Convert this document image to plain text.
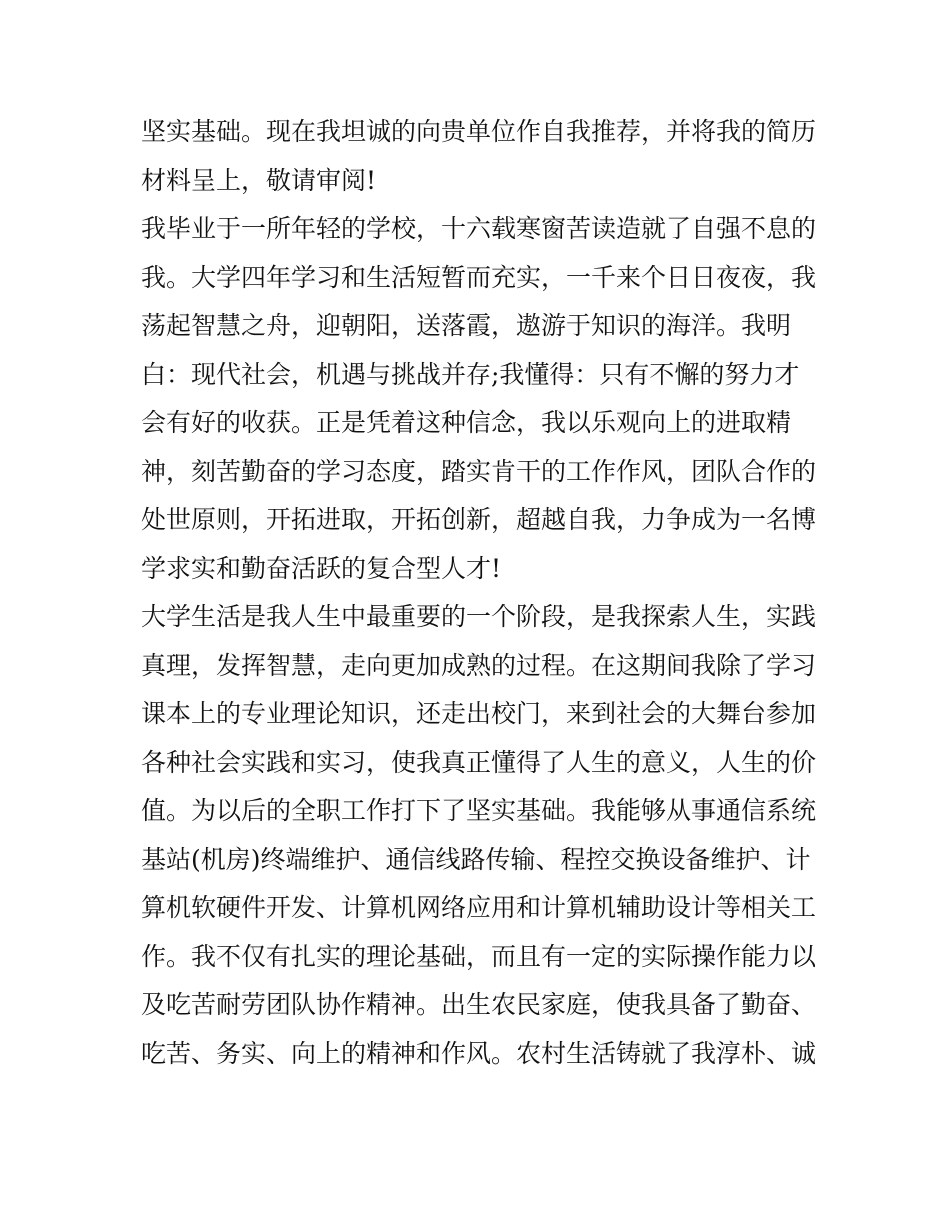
坚实基础。现在我坦诚的向贵单位作自我推荐，并将我的简历
材料呈上，敬请审阅!
我毕业于一所年轻的学校，十六载寒窗苦读造就了自强不息的
我。大学四年学习和生活短暂而充实，一千来个日日夜夜，我
荡起智慧之舟，迎朝阳，送落霞，遨游于知识的海洋。我明
白：现代社会，机遇与挑战并存;我懂得：只有不懈的努力才
会有好的收获。正是凭着这种信念，我以乐观向上的进取精
神，刻苦勤奋的学习态度，踏实肯干的工作作风，团队合作的
处世原则，开拓进取，开拓创新，超越自我，力争成为一名博
学求实和勤奋活跃的复合型人才!
大学生活是我人生中最重要的一个阶段，是我探索人生，实践
真理，发挥智慧，走向更加成熟的过程。在这期间我除了学习
课本上的专业理论知识，还走出校门，来到社会的大舞台参加
各种社会实践和实习，使我真正懂得了人生的意义，人生的价
值。为以后的全职工作打下了坚实基础。我能够从事通信系统
基站(机房)终端维护、通信线路传输、程控交换设备维护、计
算机软硬件开发、计算机网络应用和计算机辅助设计等相关工
作。我不仅有扎实的理论基础，而且有一定的实际操作能力以
及吃苦耐劳团队协作精神。出生农民家庭，使我具备了勤奋、
吃苦、务实、向上的精神和作风。农村生活铸就了我淳朴、诚
